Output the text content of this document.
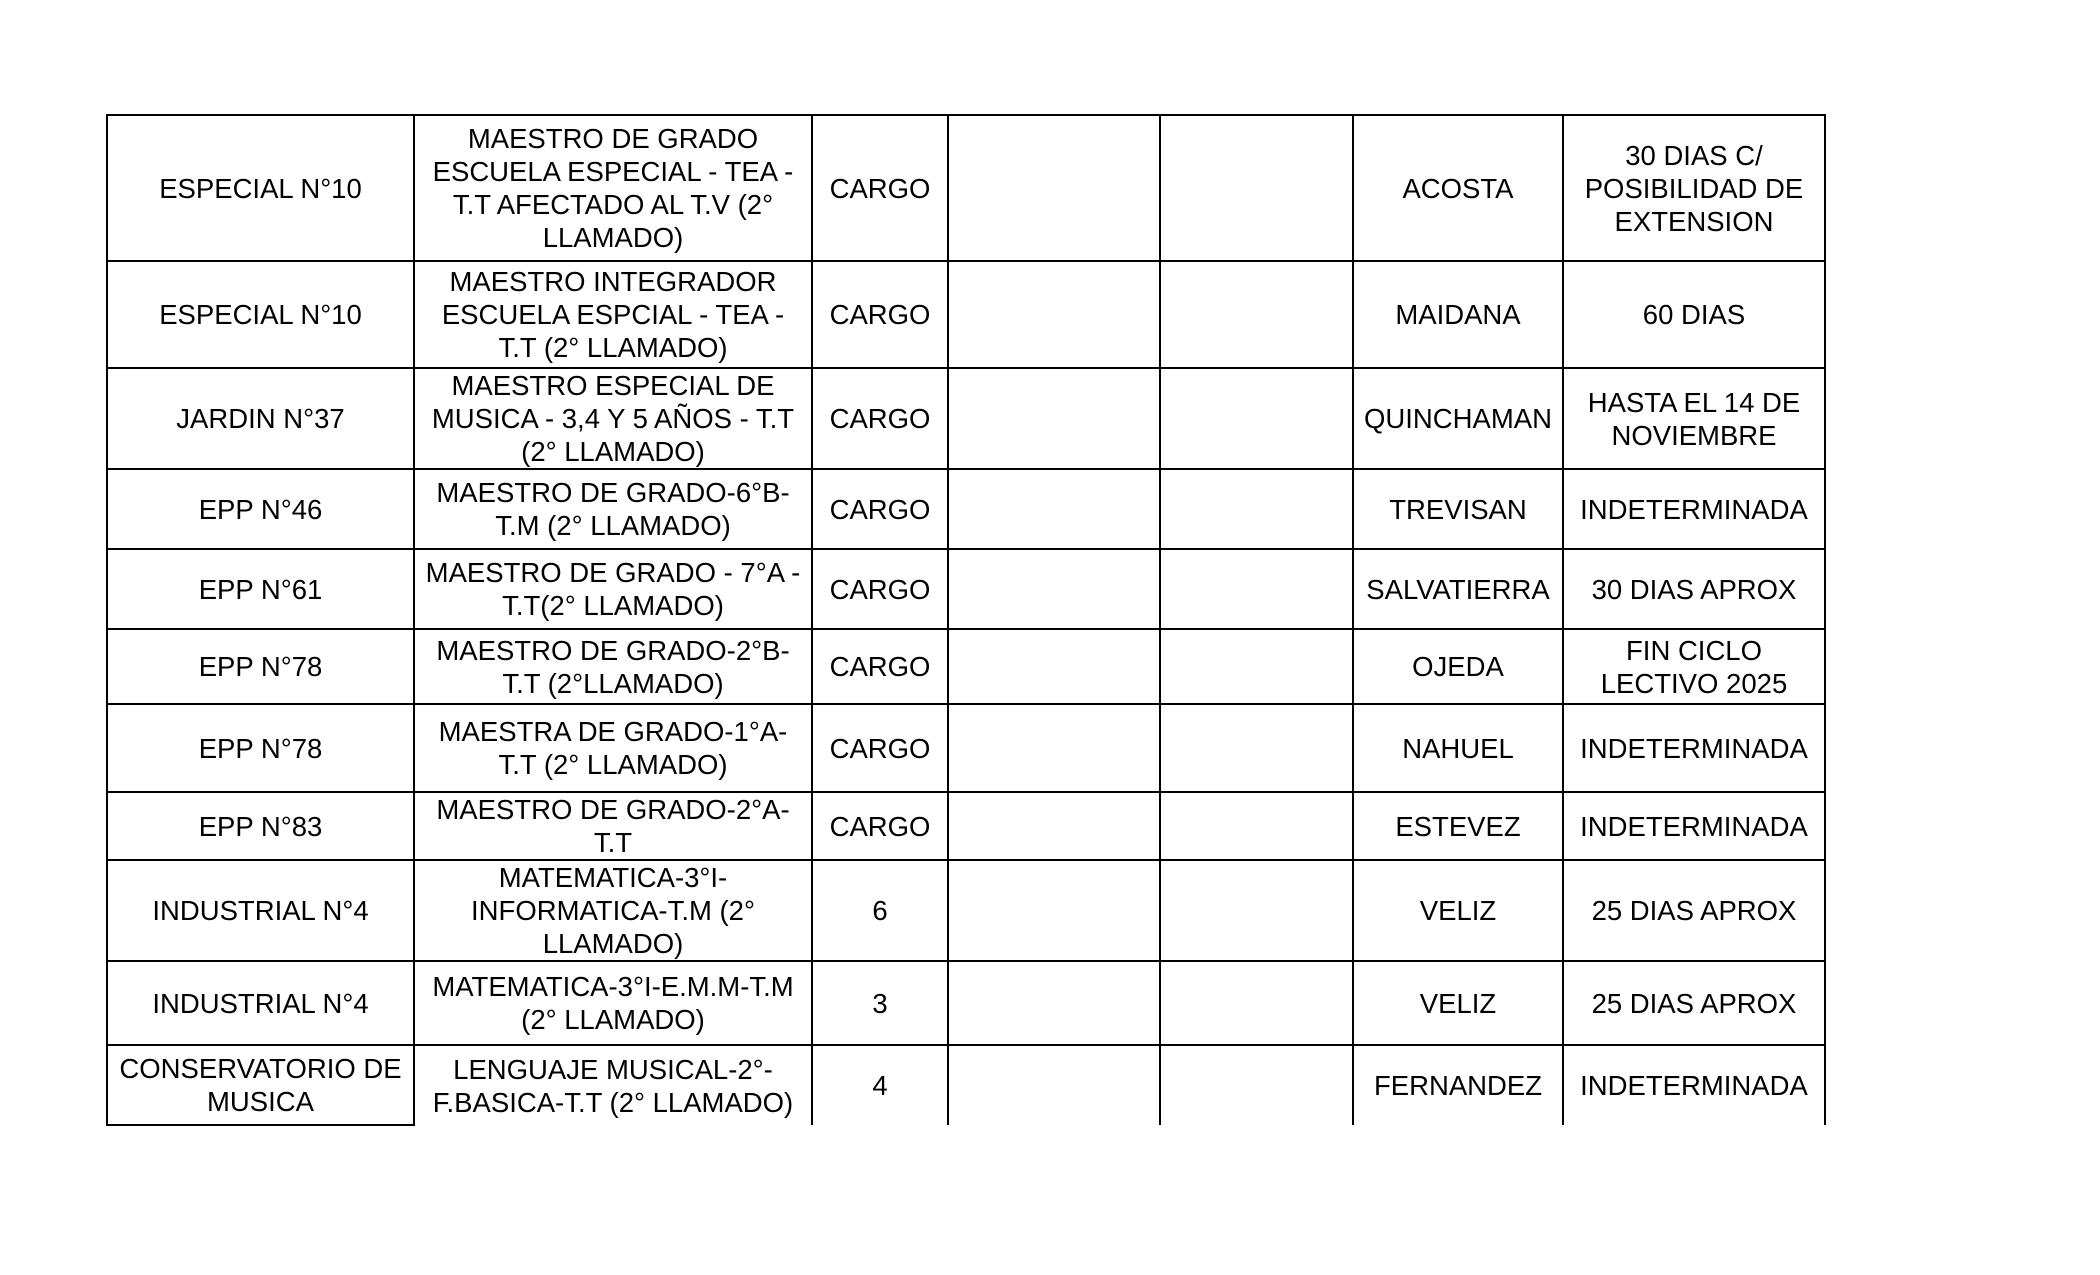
ESPECIAL N°10	MAESTRO DE GRADO ESCUELA ESPECIAL - TEA - T.T AFECTADO AL T.V (2° LLAMADO)	CARGO			ACOSTA	30 DIAS C/ POSIBILIDAD DE EXTENSION
ESPECIAL N°10	MAESTRO INTEGRADOR ESCUELA ESPCIAL - TEA - T.T (2° LLAMADO)	CARGO			MAIDANA	60 DIAS
JARDIN N°37	MAESTRO ESPECIAL DE MUSICA - 3,4 Y 5 AÑOS - T.T (2° LLAMADO)	CARGO			QUINCHAMAN	HASTA EL 14 DE NOVIEMBRE
EPP N°46	MAESTRO DE GRADO-6°B-T.M (2° LLAMADO)	CARGO			TREVISAN	INDETERMINADA
EPP N°61	MAESTRO DE GRADO - 7°A - T.T(2° LLAMADO)	CARGO			SALVATIERRA	30 DIAS APROX
EPP N°78	MAESTRO DE GRADO-2°B-T.T (2°LLAMADO)	CARGO			OJEDA	FIN CICLO LECTIVO 2025
EPP N°78	MAESTRA DE GRADO-1°A-T.T (2° LLAMADO)	CARGO			NAHUEL	INDETERMINADA
EPP N°83	MAESTRO DE GRADO-2°A-T.T	CARGO			ESTEVEZ	INDETERMINADA
INDUSTRIAL N°4	MATEMATICA-3°I-INFORMATICA-T.M (2° LLAMADO)	6			VELIZ	25 DIAS APROX
INDUSTRIAL N°4	MATEMATICA-3°I-E.M.M-T.M (2° LLAMADO)	3			VELIZ	25 DIAS APROX
CONSERVATORIO DE MUSICA	LENGUAJE MUSICAL-2°-F.BASICA-T.T (2° LLAMADO)	4			FERNANDEZ	INDETERMINADA
